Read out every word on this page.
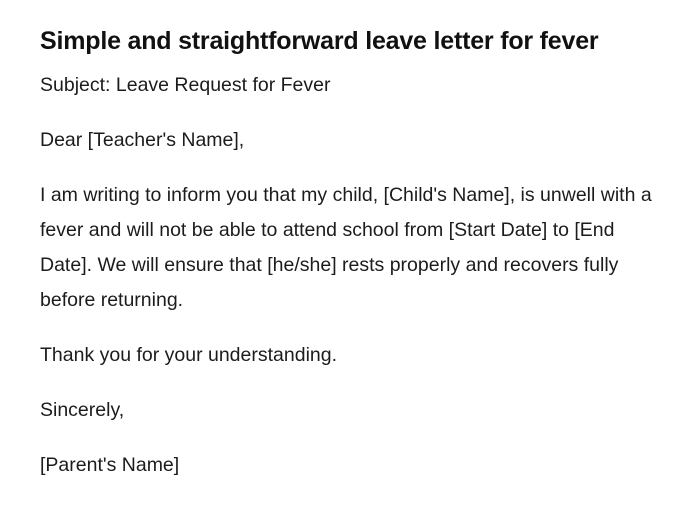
Simple and straightforward leave letter for fever

Subject: Leave Request for Fever

Dear [Teacher's Name],

I am writing to inform you that my child, [Child's Name], is unwell with a fever and will not be able to attend school from [Start Date] to [End Date]. We will ensure that [he/she] rests properly and recovers fully before returning.

Thank you for your understanding.

Sincerely,

[Parent's Name]
